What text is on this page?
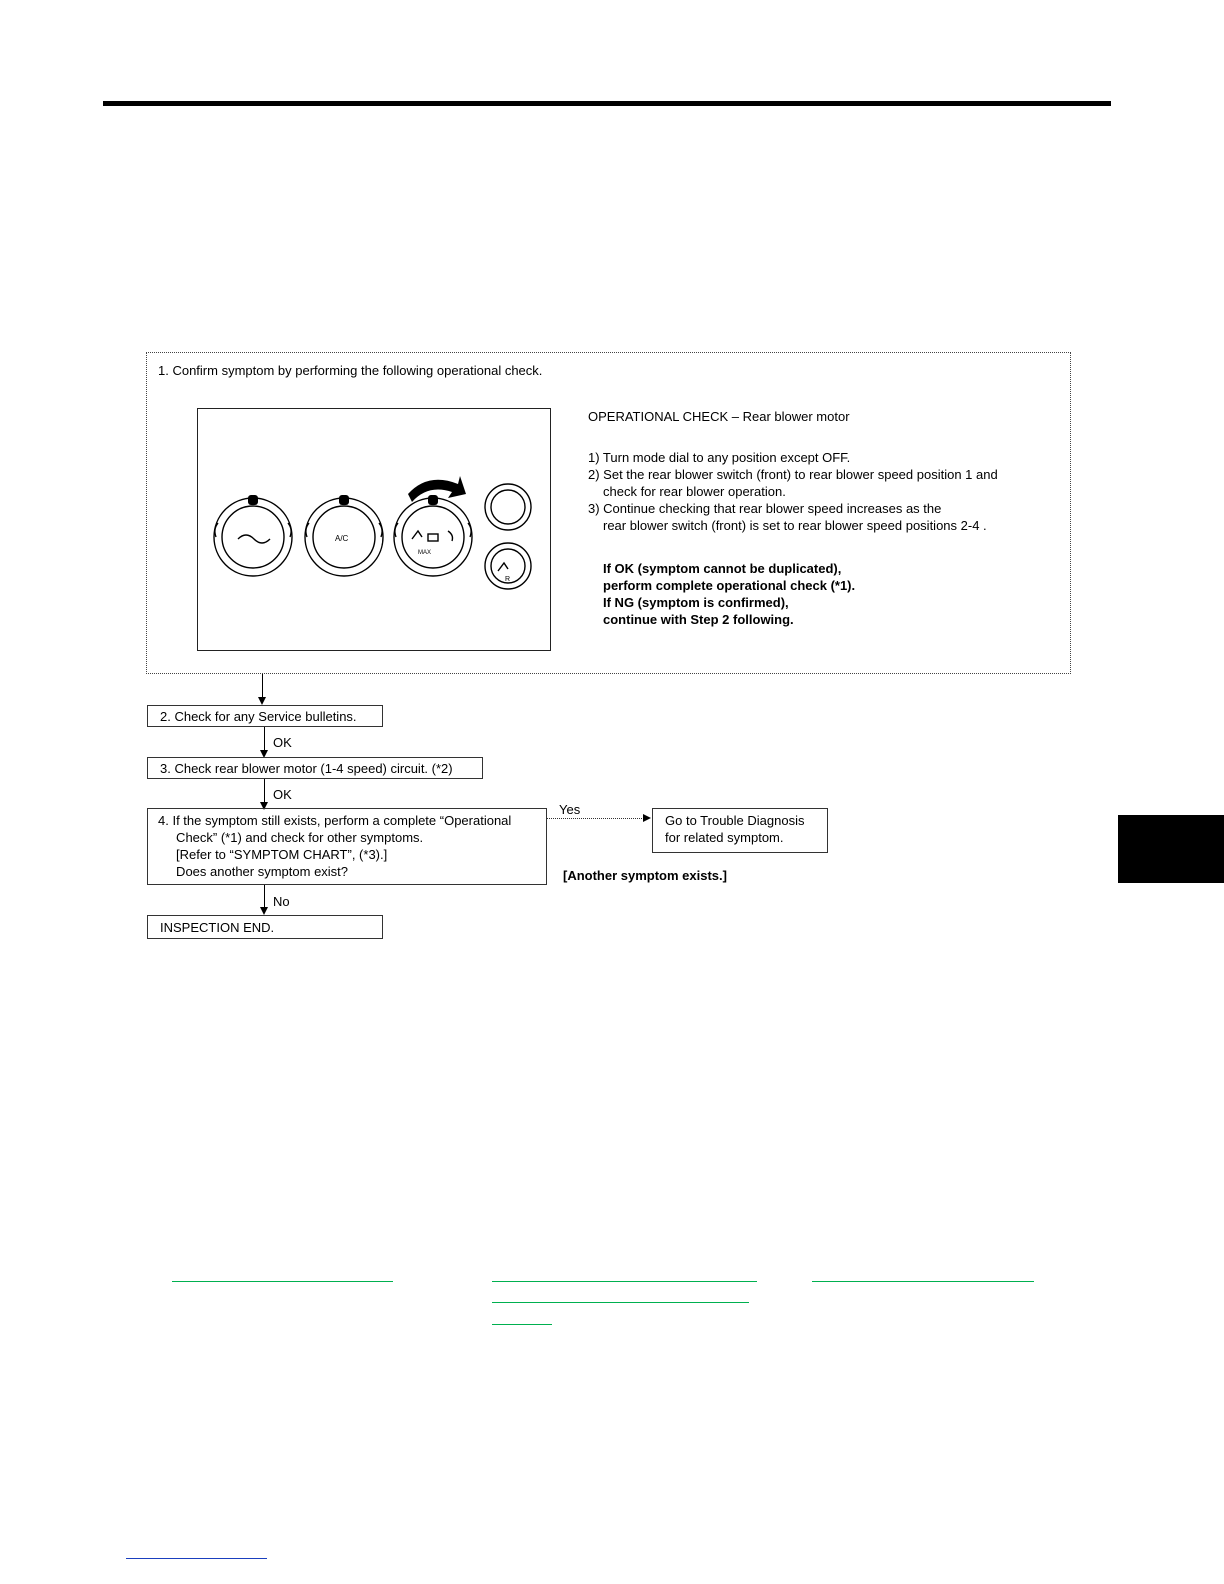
1. Confirm symptom by performing the following operational check.
A/C
MAX
R
OPERATIONAL CHECK – Rear blower motor
1) Turn mode dial to any position except OFF.
2) Set the rear blower switch (front) to rear blower speed position 1 and
check for rear blower operation.
3) Continue checking that rear blower speed increases as the
rear blower switch (front) is set to rear blower speed positions 2-4 .
If OK (symptom cannot be duplicated),
perform complete operational check (*1).
If NG (symptom is confirmed),
continue with Step 2 following.
2. Check for any Service bulletins.
OK
3. Check rear blower motor (1-4 speed) circuit. (*2)
OK
4. If the symptom still exists, perform a complete “Operational
Check” (*1) and check for other symptoms.
[Refer to “SYMPTOM CHART”, (*3).]
Does another symptom exist?
Yes
Go to Trouble Diagnosis
for related symptom.
[Another symptom exists.]
No
INSPECTION END.
